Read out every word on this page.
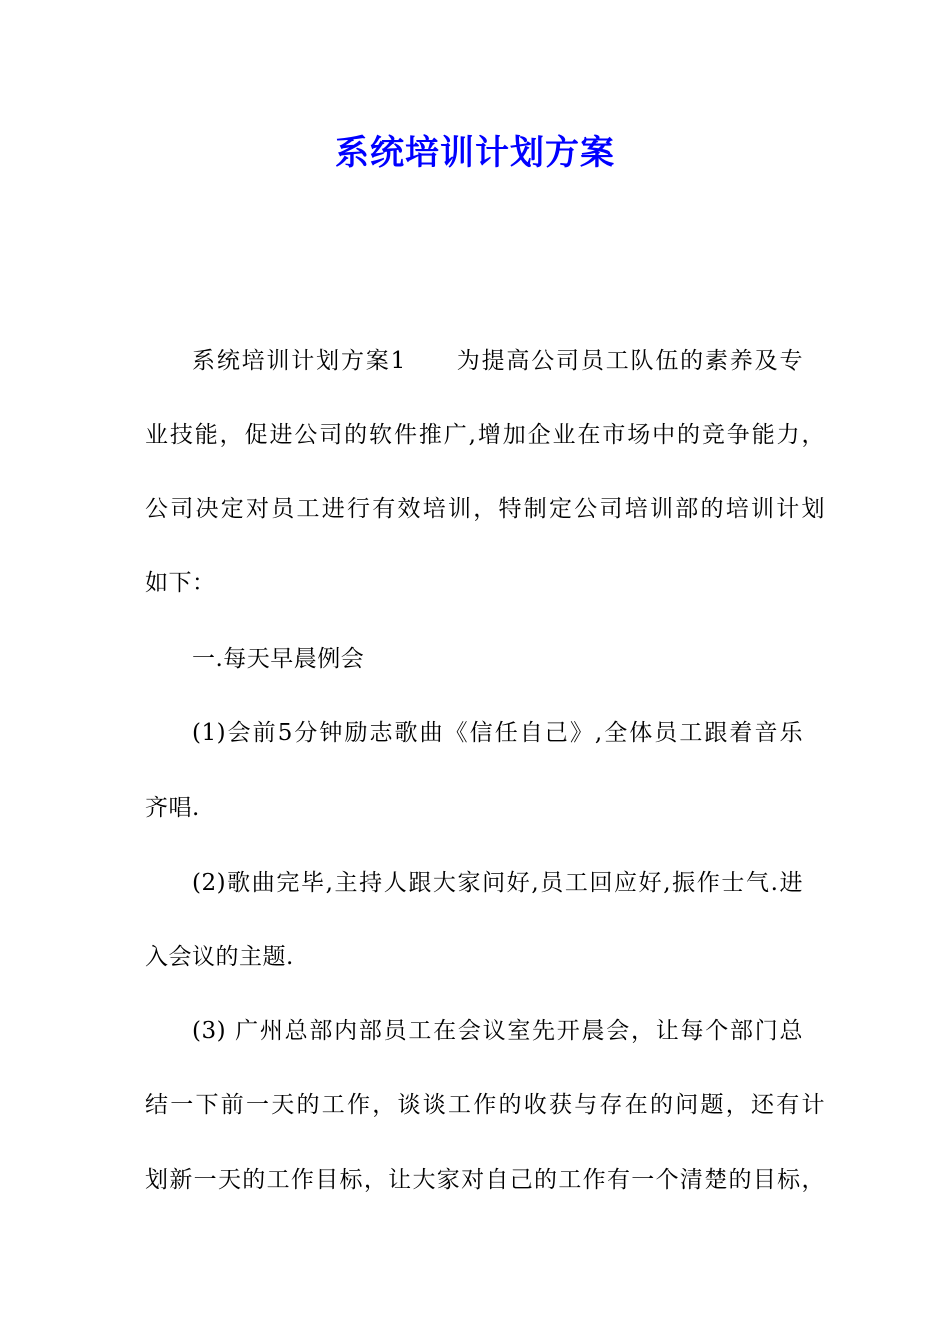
系统培训计划方案
系统培训计划方案1　　为提高公司员工队伍的素养及专
业技能，促进公司的软件推广,增加企业在市场中的竞争能力，
公司决定对员工进行有效培训，特制定公司培训部的培训计划
如下：
一.每天早晨例会
(1)会前5分钟励志歌曲《信任自己》,全体员工跟着音乐
齐唱.
(2)歌曲完毕,主持人跟大家问好,员工回应好,振作士气.进
入会议的主题.
(3) 广州总部内部员工在会议室先开晨会，让每个部门总
结一下前一天的工作，谈谈工作的收获与存在的问题，还有计
划新一天的工作目标，让大家对自己的工作有一个清楚的目标，
